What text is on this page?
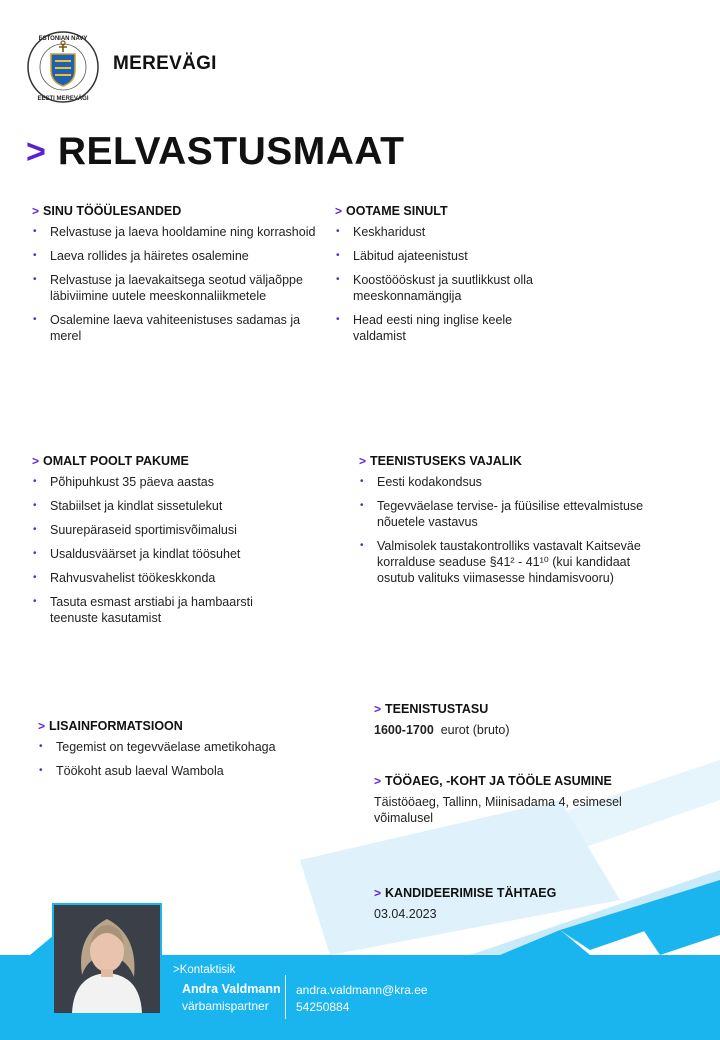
ESTONIAN NAVY
EESTI MEREVÄGI
MEREVÄGI
> RELVASTUSMAAT
> SINU TÖÖÜLESANDED
• Relvastuse ja laeva hooldamine ning korrashoid
• Laeva rollides ja häiretes osalemine
• Relvastuse ja laevakaitsega seotud väljaõppe läbiviimine uutele meeskonnaliikmetele
• Osalemine laeva vahiteenistuses sadamas ja merel
> OOTAME SINULT
• Keskharidust
• Läbitud ajateenistust
• Koostöööskust ja suutlikkust olla meeskonnamängija
• Head eesti ning inglise keele valdamist
> OMALT POOLT PAKUME
• Põhipuhkust 35 päeva aastas
• Stabiilset ja kindlat sissetulekut
• Suurepäraseid sportimisvõimalusi
• Usaldusväärset ja kindlat töösuhet
• Rahvusvahelist töökeskkonda
• Tasuta esmast arstiabi ja hambaarsti teenuste kasutamist
> TEENISTUSEKS VAJALIK
• Eesti kodakondsus
• Tegevväelase tervise- ja füüsilise ettevalmistuse nõuetele vastavus
• Valmisolek taustakontrolliks vastavalt Kaitseväe korralduse seaduse §41² - 41¹⁰ (kui kandidaat osutub valituks viimasesse hindamisvooru)
> LISAINFORMATSIOON
• Tegemist on tegevväelase ametikohaga
• Töökoht asub laeval Wambola
> TEENISTUSTASU
1600-1700 eurot (bruto)
> TÖÖAEG, -KOHT JA TÖÖLE ASUMINE
Täistööaeg, Tallinn, Miinisadama 4, esimesel võimalusel
> KANDIDEERIMISE TÄHTAEG
03.04.2023
>Kontaktisik
Andra Valdmann
värbamispartner
andra.valdmann@kra.ee
54250884
